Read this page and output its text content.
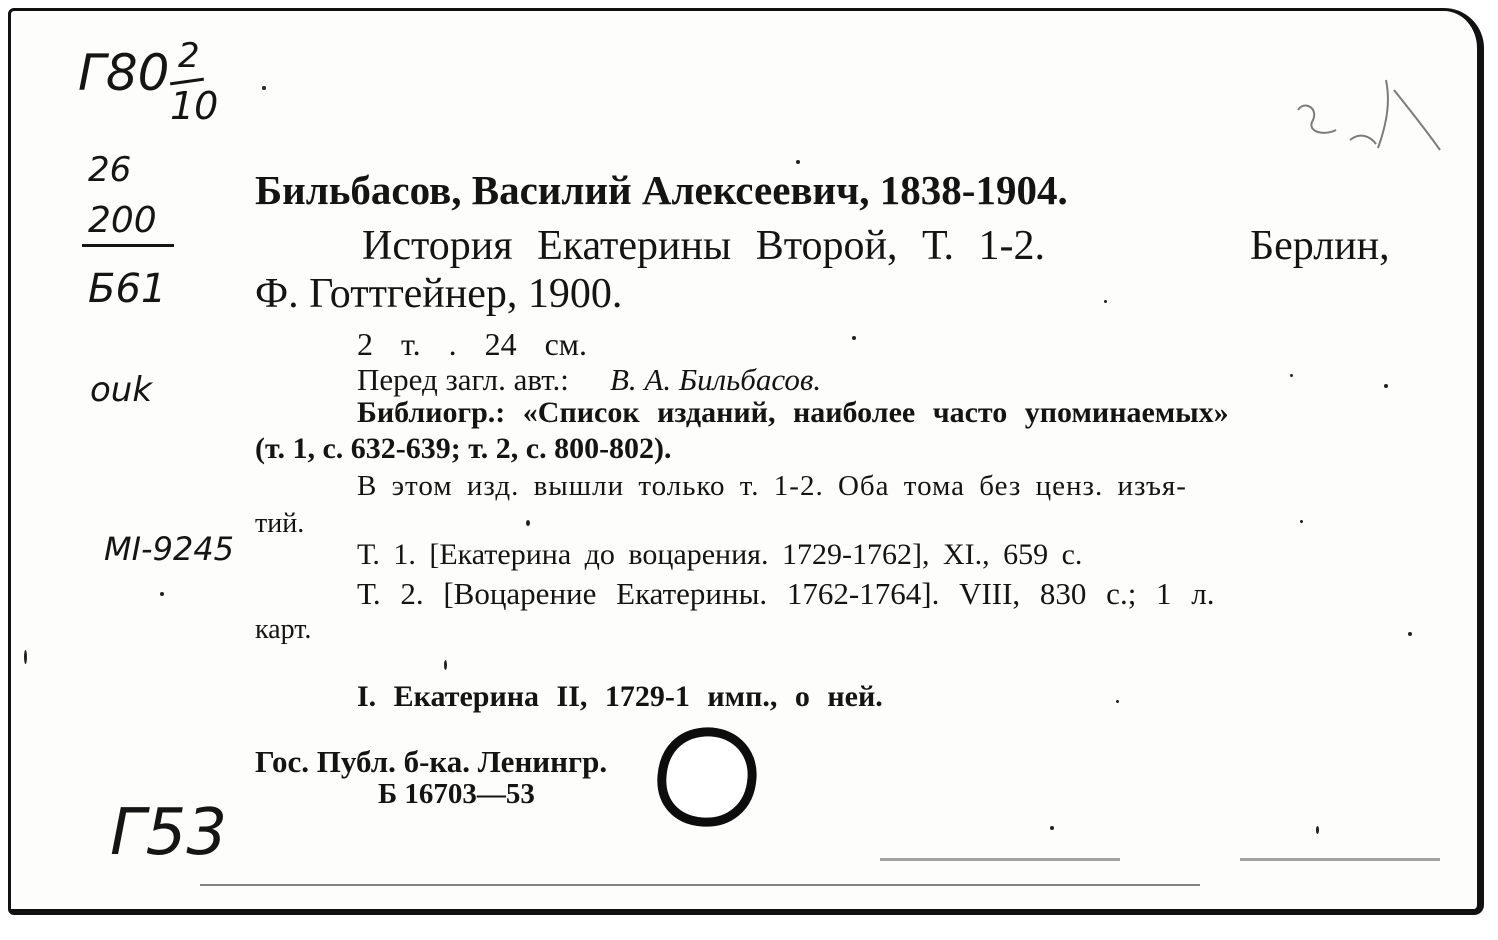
Г80 2
10
26
200
Б61
ouk
MI-9245
Г53
Бильбасов, Василий Алексеевич, 1838-1904.
История Екатерины Второй, Т. 1-2.	Берлин,
Ф. Готтгейнер, 1900.
2 т. . 24 см.
Перед загл. авт.: В. А. Бильбасов.
Библиогр.: «Список изданий, наиболее часто упоминаемых»
(т. 1, с. 632-639; т. 2, с. 800-802).
В этом изд. вышли только т. 1-2. Оба тома без ценз. изъя-
тий.
Т. 1. [Екатерина до воцарения. 1729-1762], XI., 659 с.
Т. 2. [Воцарение Екатерины. 1762-1764]. VIII, 830 с.; 1 л.
карт.
I. Екатерина II, 1729-1 имп., о ней.
Гос. Публ. б-ка. Ленингр.
Б 16703—53
